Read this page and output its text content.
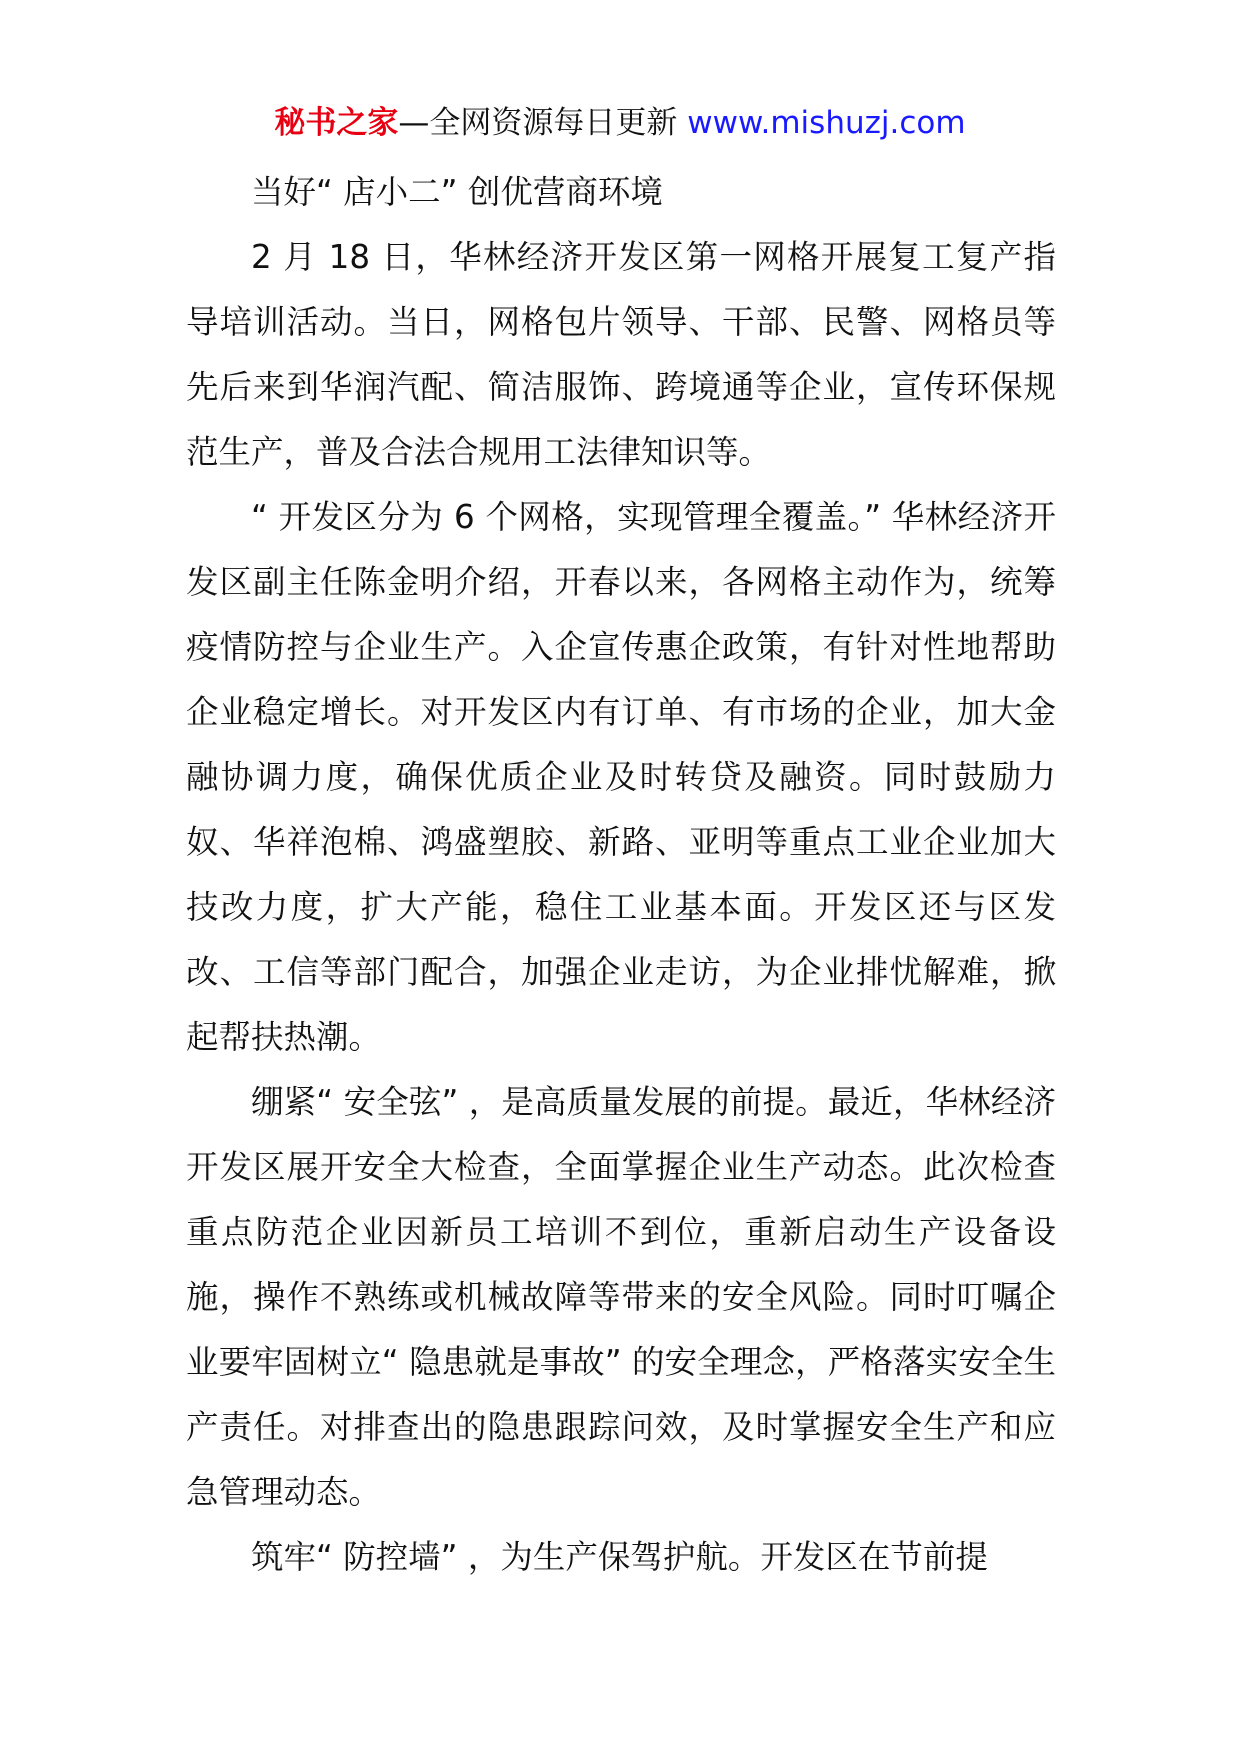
秘书之家—全网资源每日更新 www.mishuzj.com

当好“ 店小二” 创优营商环境

2 月 18 日，华林经济开发区第一网格开展复工复产指导培训活动。当日，网格包片领导、干部、民警、网格员等先后来到华润汽配、简洁服饰、跨境通等企业，宣传环保规范生产，普及合法合规用工法律知识等。

“ 开发区分为 6 个网格，实现管理全覆盖。” 华林经济开发区副主任陈金明介绍，开春以来，各网格主动作为，统筹疫情防控与企业生产。入企宣传惠企政策，有针对性地帮助企业稳定增长。对开发区内有订单、有市场的企业，加大金融协调力度，确保优质企业及时转贷及融资。同时鼓励力奴、华祥泡棉、鸿盛塑胶、新路、亚明等重点工业企业加大技改力度，扩大产能，稳住工业基本面。开发区还与区发改、工信等部门配合，加强企业走访，为企业排忧解难，掀起帮扶热潮。

绷紧“ 安全弦” ，是高质量发展的前提。最近，华林经济开发区展开安全大检查，全面掌握企业生产动态。此次检查重点防范企业因新员工培训不到位，重新启动生产设备设施，操作不熟练或机械故障等带来的安全风险。同时叮嘱企业要牢固树立“ 隐患就是事故” 的安全理念，严格落实安全生产责任。对排查出的隐患跟踪问效，及时掌握安全生产和应急管理动态。

筑牢“ 防控墙” ，为生产保驾护航。开发区在节前提
